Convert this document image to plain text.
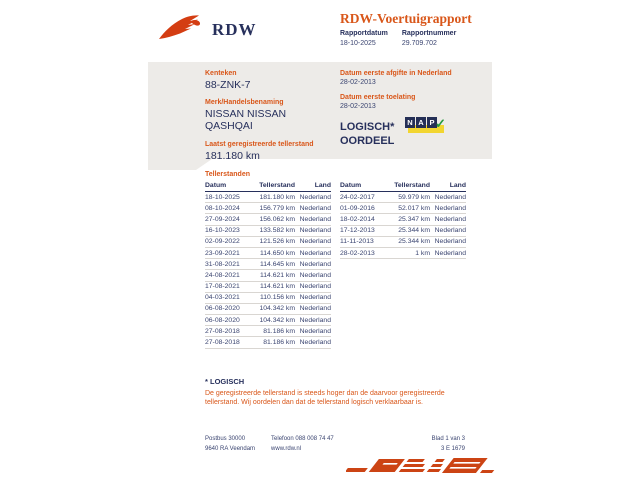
RDW
RDW-Voertuigrapport
Rapportdatum
18-10-2025
Rapportnummer
29.709.702
Kenteken
88-ZNK-7
Merk/Handelsbenaming
NISSAN NISSAN
QASHQAI
Laatst geregistreerde tellerstand
181.180 km
Datum eerste afgifte in Nederland
28-02-2013
Datum eerste toelating
28-02-2013
LOGISCH*
OORDEEL
N A P ✓
Tellerstanden
Datum	Tellerstand	Land
18-10-2025	181.180 km	Nederland
08-10-2024	156.779 km	Nederland
27-09-2024	156.062 km	Nederland
16-10-2023	133.582 km	Nederland
02-09-2022	121.526 km	Nederland
23-09-2021	114.650 km	Nederland
31-08-2021	114.645 km	Nederland
24-08-2021	114.621 km	Nederland
17-08-2021	114.621 km	Nederland
04-03-2021	110.156 km	Nederland
06-08-2020	104.342 km	Nederland
06-08-2020	104.342 km	Nederland
27-08-2018	81.186 km	Nederland
27-08-2018	81.186 km	Nederland
Datum	Tellerstand	Land
24-02-2017	59.979 km	Nederland
01-09-2016	52.017 km	Nederland
18-02-2014	25.347 km	Nederland
17-12-2013	25.344 km	Nederland
11-11-2013	25.344 km	Nederland
28-02-2013	1 km	Nederland
* LOGISCH
De geregistreerde tellerstand is steeds hoger dan de daarvoor geregistreerde tellerstand. Wij oordelen dan dat de tellerstand logisch verklaarbaar is.
Postbus 30000
9640 RA Veendam
Telefoon 088 008 74 47
www.rdw.nl
Blad 1 van 3
3 E 1679
